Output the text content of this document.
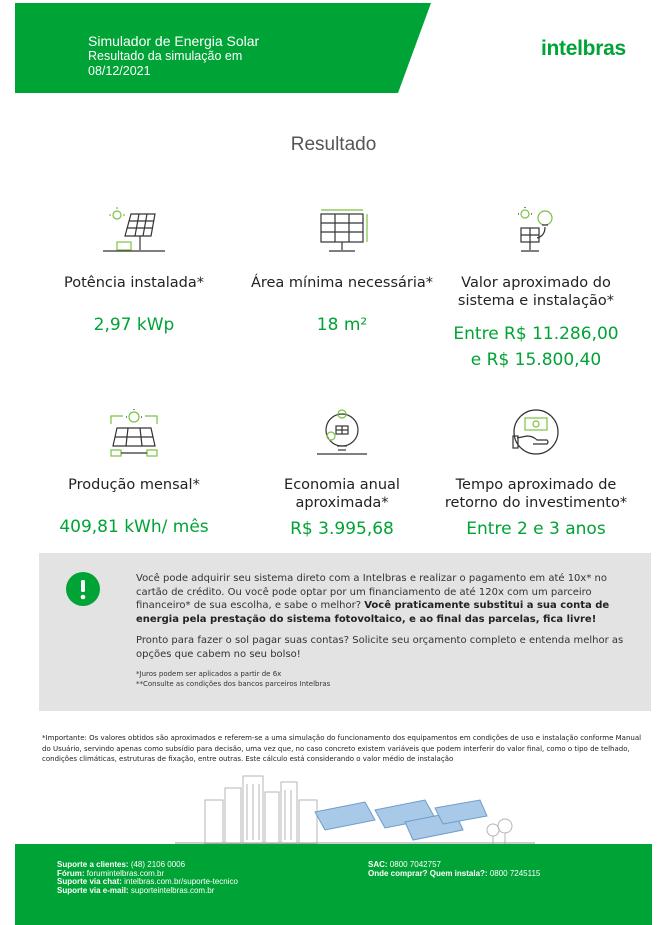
Simulador de Energia Solar
Resultado da simulação em
08/12/2021
intelbras
Resultado
Potência instalada*
2,97 kWp
Área mínima necessária*
18 m²
Valor aproximado do
sistema e instalação*
Entre R$ 11.286,00
e R$ 15.800,40
Produção mensal*
409,81 kWh/ mês
Economia anual
aproximada*
R$ 3.995,68
Tempo aproximado de
retorno do investimento*
Entre 2 e 3 anos

Você pode adquirir seu sistema direto com a Intelbras e realizar o pagamento em até 10x* no cartão de crédito. Ou você pode optar por um financiamento de até 120x com um parceiro financeiro* de sua escolha, e sabe o melhor? Você praticamente substitui a sua conta de energia pela prestação do sistema fotovoltaico, e ao final das parcelas, fica livre!

Pronto para fazer o sol pagar suas contas? Solicite seu orçamento completo e entenda melhor as opções que cabem no seu bolso!

*Juros podem ser aplicados a partir de 6x
**Consulte as condições dos bancos parceiros Intelbras
*Importante: Os valores obtidos são aproximados e referem-se a uma simulação do funcionamento dos equipamentos em condições de uso e instalação conforme Manual do Usuário, servindo apenas como subsídio para decisão, uma vez que, no caso concreto existem variáveis que podem interferir do valor final, como o tipo de telhado, condições climáticas, estruturas de fixação, entre outras. Este cálculo está considerando o valor médio de instalação
Suporte a clientes: (48) 2106 0006
Fórum: forumintelbras.com.br
Suporte via chat: intelbras.com.br/suporte-tecnico
Suporte via e-mail: suporteintelbras.com.br
SAC: 0800 7042757
Onde comprar? Quem instala?: 0800 7245115
